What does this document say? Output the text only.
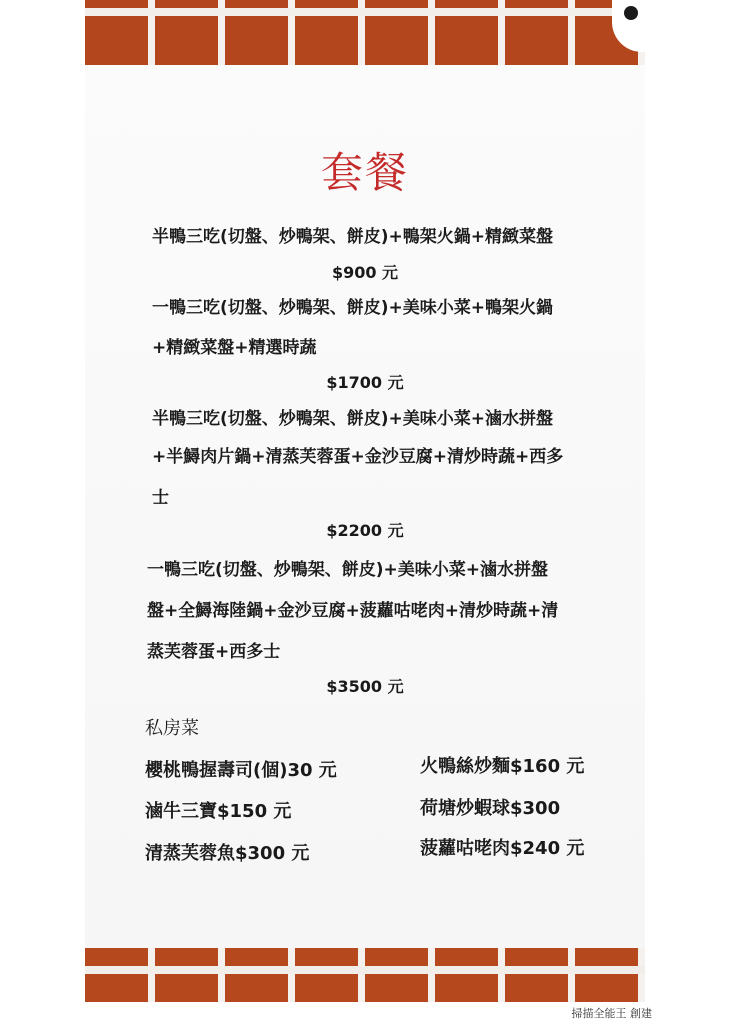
套餐
半鴨三吃(切盤、炒鴨架、餅皮)+鴨架火鍋+精緻菜盤
$900 元
一鴨三吃(切盤、炒鴨架、餅皮)+美味小菜+鴨架火鍋
+精緻菜盤+精選時蔬
$1700 元
半鴨三吃(切盤、炒鴨架、餅皮)+美味小菜+滷水拼盤
+半鱘肉片鍋+清蒸芙蓉蛋+金沙豆腐+清炒時蔬+西多
士
$2200 元
一鴨三吃(切盤、炒鴨架、餅皮)+美味小菜+滷水拼盤
盤+全鱘海陸鍋+金沙豆腐+菠蘿咕咾肉+清炒時蔬+清
蒸芙蓉蛋+西多士
$3500 元
私房菜
櫻桃鴨握壽司(個)30 元
滷牛三寶$150 元
清蒸芙蓉魚$300 元
火鴨絲炒麵$160 元
荷塘炒蝦球$300
菠蘿咕咾肉$240 元
掃描全能王 創建
